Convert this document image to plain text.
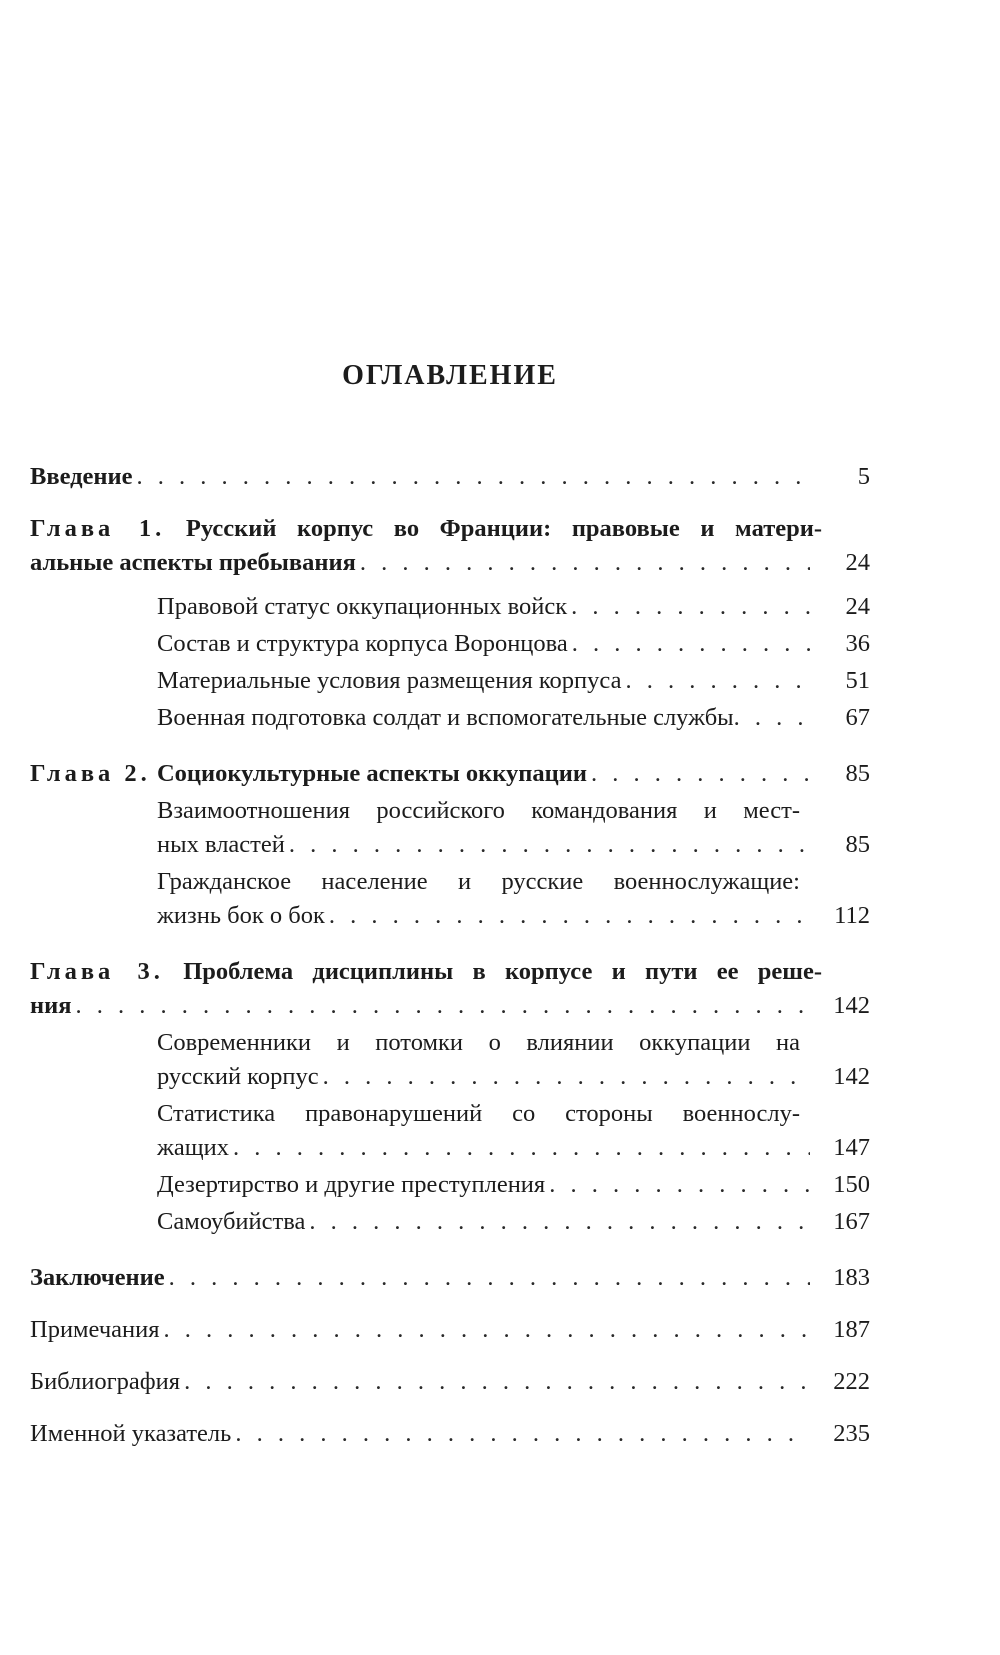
ОГЛАВЛЕНИЕ
Введение . . .	5
Глава 1. Русский корпус во Франции: правовые и матери-
альные аспекты пребывания . . .	24
Правовой статус оккупационных войск . . .	24
Состав и структура корпуса Воронцова . . .	36
Материальные условия размещения корпуса . . .	51
Военная подготовка солдат и вспомогательные службы . . .	67
Глава 2. Социокультурные аспекты оккупации . . .	85
Взаимоотношения российского командования и мест-
ных властей . . .	85
Гражданское население и русские военнослужащие:
жизнь бок о бок . . .	112
Глава 3. Проблема дисциплины в корпусе и пути ее реше-
ния . . .	142
Современники и потомки о влиянии оккупации на
русский корпус . . .	142
Статистика правонарушений со стороны военнослу-
жащих . . .	147
Дезертирство и другие преступления . . .	150
Самоубийства . . .	167
Заключение . . .	183
Примечания . . .	187
Библиография . . .	222
Именной указатель . . .	235
